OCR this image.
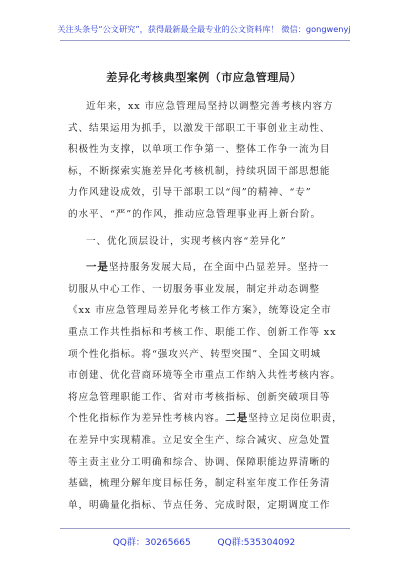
关注头条号“公文研究”，获得最新最全最专业的公文资料库！ 微信：gongwenyj
差异化考核典型案例（市应急管理局）
近年来，xx 市应急管理局坚持以调整完善考核内容方
式、结果运用为抓手，以激发干部职工干事创业主动性、
积极性为支撑，以单项工作争第一、整体工作争一流为目
标，不断探索实施差异化考核机制，持续巩固干部思想能
力作风建设成效，引导干部职工以“闯”的精神、“专”
的水平、“严”的作风，推动应急管理事业再上新台阶。
一、优化顶层设计，实现考核内容“差异化”
一是坚持服务发展大局，在全面中凸显差异。坚持一
切服从中心工作、一切服务事业发展，制定并动态调整
《xx 市应急管理局差异化考核工作方案》，统筹设定全市
重点工作共性指标和考核工作、职能工作、创新工作等 xx
项个性化指标。将“强攻兴产、转型突围”、全国文明城
市创建、优化营商环境等全市重点工作纳入共性考核内容。
将应急管理职能工作、省对市考核指标、创新突破项目等
个性化指标作为差异性考核内容。二是坚持立足岗位职责，
在差异中实现精准。立足安全生产、综合减灾、应急处置
等主责主业分工明确和综合、协调、保障职能边界清晰的
基础，梳理分解年度目标任务，制定科室年度工作任务清
单，明确量化指标、节点任务、完成时限，定期调度工作
QQ群：30265665	QQ群:535304092
